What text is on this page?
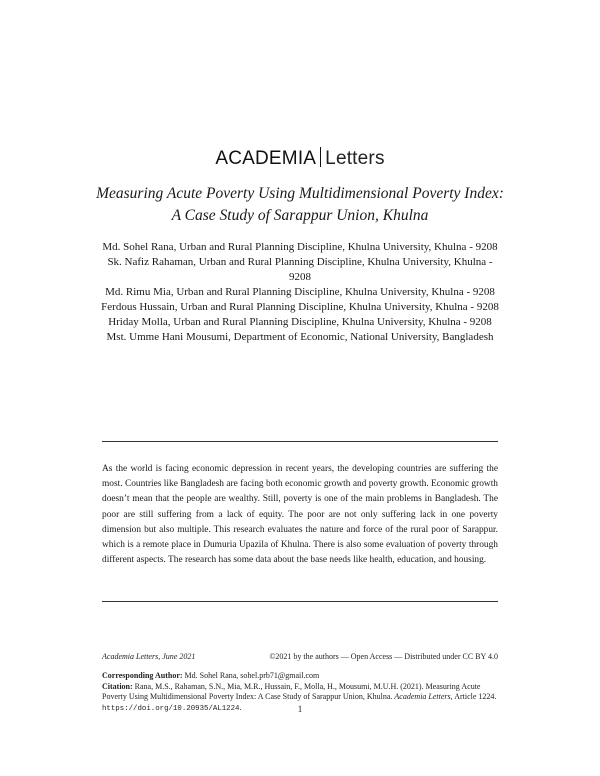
ACADEMIA Letters
Measuring Acute Poverty Using Multidimensional Poverty Index: A Case Study of Sarappur Union, Khulna

Md. Sohel Rana, Urban and Rural Planning Discipline, Khulna University, Khulna - 9208

Sk. Nafiz Rahaman, Urban and Rural Planning Discipline, Khulna University, Khulna - 9208

Md. Rimu Mia, Urban and Rural Planning Discipline, Khulna University, Khulna - 9208

Ferdous Hussain, Urban and Rural Planning Discipline, Khulna University, Khulna - 9208

Hriday Molla, Urban and Rural Planning Discipline, Khulna University, Khulna - 9208

Mst. Umme Hani Mousumi, Department of Economic, National University, Bangladesh

As the world is facing economic depression in recent years, the developing countries are suffering the most. Countries like Bangladesh are facing both economic growth and poverty growth. Economic growth doesn’t mean that the people are wealthy. Still, poverty is one of the main problems in Bangladesh. The poor are still suffering from a lack of equity. The poor are not only suffering lack in one poverty dimension but also multiple. This research evaluates the nature and force of the rural poor of Sarappur. which is a remote place in Dumuria Upazila of Khulna. There is also some evaluation of poverty through different aspects. The research has some data about the base needs like health, education, and housing.
Academia Letters, June 2021	©2021 by the authors — Open Access — Distributed under CC BY 4.0

Corresponding Author: Md. Sohel Rana, sohel.prb71@gmail.com

Citation: Rana, M.S., Rahaman, S.N., Mia, M.R., Hussain, F., Molla, H., Mousumi, M.U.H. (2021). Measuring Acute Poverty Using Multidimensional Poverty Index: A Case Study of Sarappur Union, Khulna. Academia Letters, Article 1224. https://doi.org/10.20935/AL1224.	1
